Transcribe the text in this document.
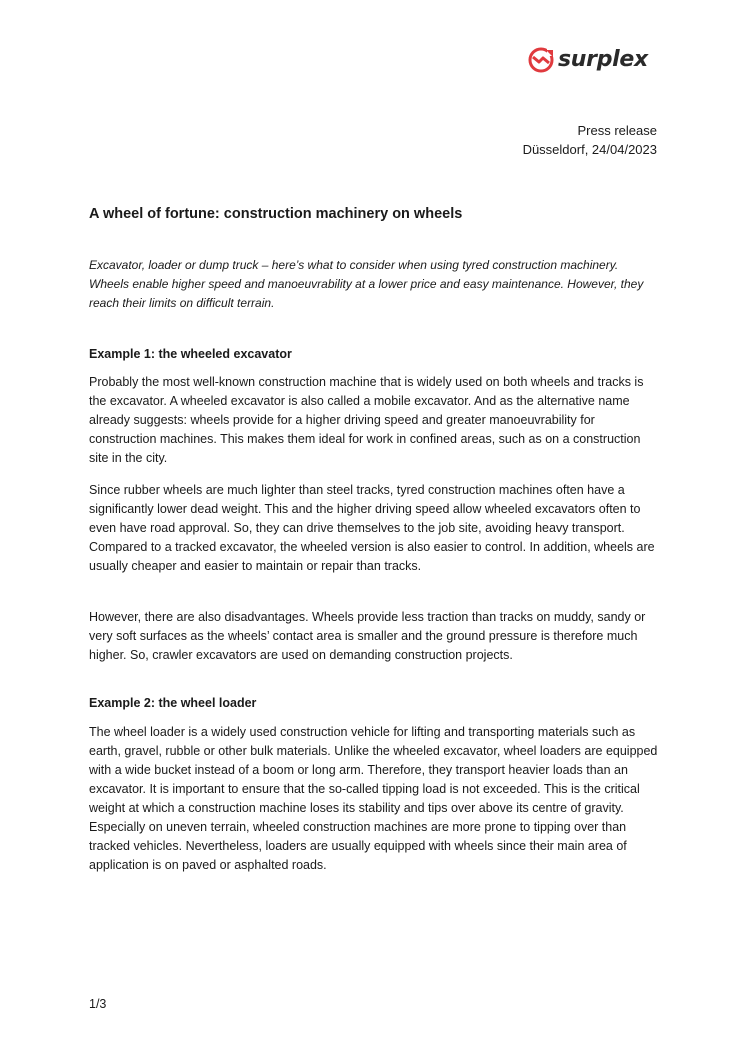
surplex
Press release
Düsseldorf, 24/04/2023
A wheel of fortune: construction machinery on wheels

Excavator, loader or dump truck – here’s what to consider when using tyred construction machinery. Wheels enable higher speed and manoeuvrability at a lower price and easy maintenance. However, they reach their limits on difficult terrain.

Example 1: the wheeled excavator

Probably the most well-known construction machine that is widely used on both wheels and tracks is the excavator. A wheeled excavator is also called a mobile excavator. And as the alternative name already suggests: wheels provide for a higher driving speed and greater manoeuvrability for construction machines. This makes them ideal for work in confined areas, such as on a construction site in the city.

Since rubber wheels are much lighter than steel tracks, tyred construction machines often have a significantly lower dead weight. This and the higher driving speed allow wheeled excavators often to even have road approval. So, they can drive themselves to the job site, avoiding heavy transport. Compared to a tracked excavator, the wheeled version is also easier to control. In addition, wheels are usually cheaper and easier to maintain or repair than tracks.

However, there are also disadvantages. Wheels provide less traction than tracks on muddy, sandy or very soft surfaces as the wheels’ contact area is smaller and the ground pressure is therefore much higher. So, crawler excavators are used on demanding construction projects.

Example 2: the wheel loader

The wheel loader is a widely used construction vehicle for lifting and transporting materials such as earth, gravel, rubble or other bulk materials. Unlike the wheeled excavator, wheel loaders are equipped with a wide bucket instead of a boom or long arm. Therefore, they transport heavier loads than an excavator. It is important to ensure that the so-called tipping load is not exceeded. This is the critical weight at which a construction machine loses its stability and tips over above its centre of gravity. Especially on uneven terrain, wheeled construction machines are more prone to tipping over than tracked vehicles. Nevertheless, loaders are usually equipped with wheels since their main area of application is on paved or asphalted roads.

1/3
